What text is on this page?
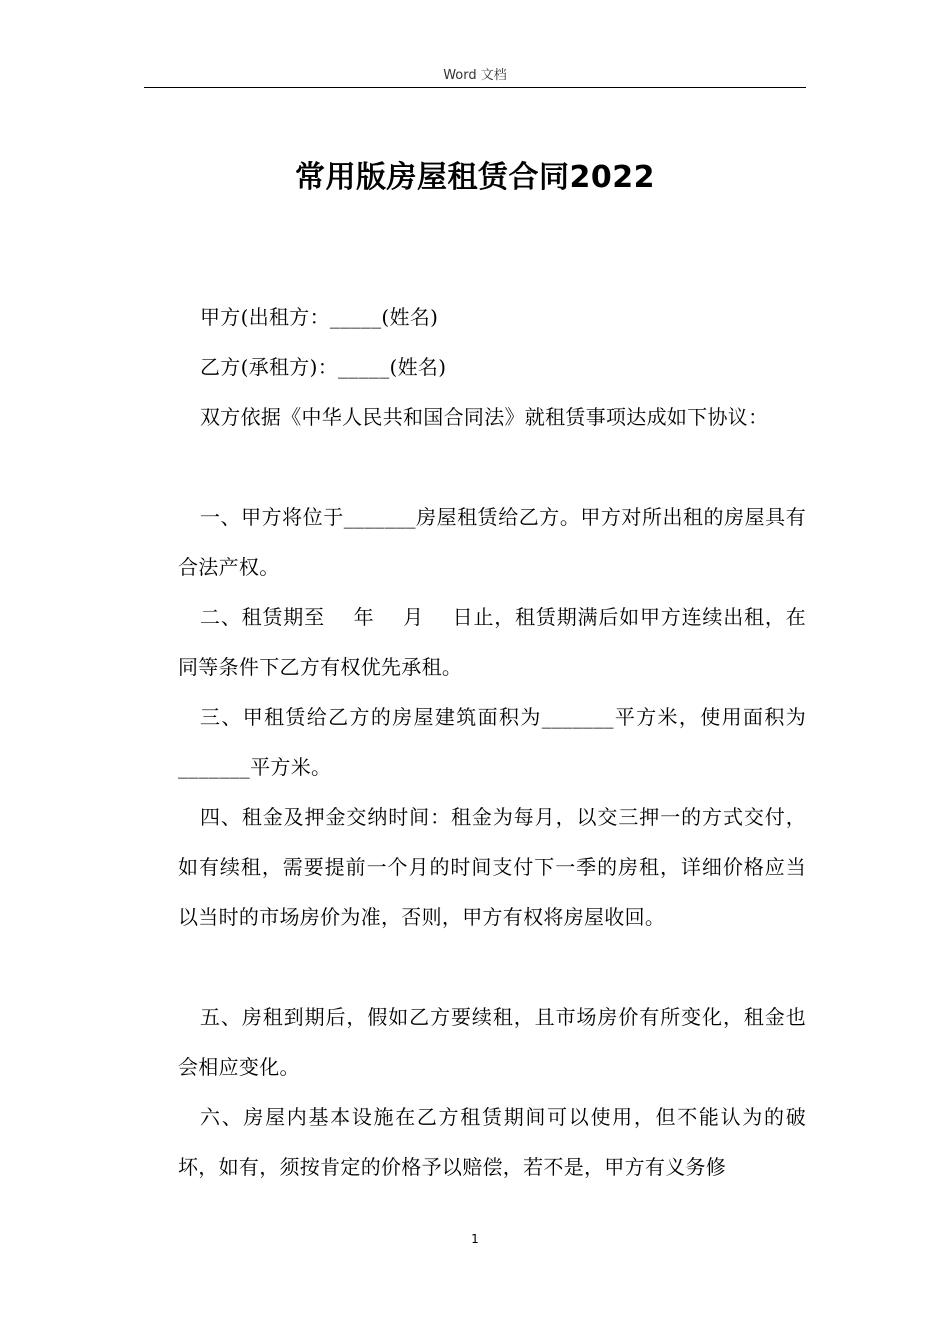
Word 文档
常用版房屋租赁合同2022

甲方(出租方：_____(姓名)

乙方(承租方)：_____(姓名)

双方依据《中华人民共和国合同法》就租赁事项达成如下协议：

一、甲方将位于_______房屋租赁给乙方。甲方对所出租的房屋具有合法产权。

二、租赁期至    年    月    日止，租赁期满后如甲方连续出租，在同等条件下乙方有权优先承租。

三、甲租赁给乙方的房屋建筑面积为_______平方米，使用面积为_______平方米。

四、租金及押金交纳时间：租金为每月，以交三押一的方式交付，如有续租，需要提前一个月的时间支付下一季的房租，详细价格应当以当时的市场房价为准，否则，甲方有权将房屋收回。

五、房租到期后，假如乙方要续租，且市场房价有所变化，租金也会相应变化。

六、房屋内基本设施在乙方租赁期间可以使用，但不能认为的破坏，如有，须按肯定的价格予以赔偿，若不是，甲方有义务修

1
